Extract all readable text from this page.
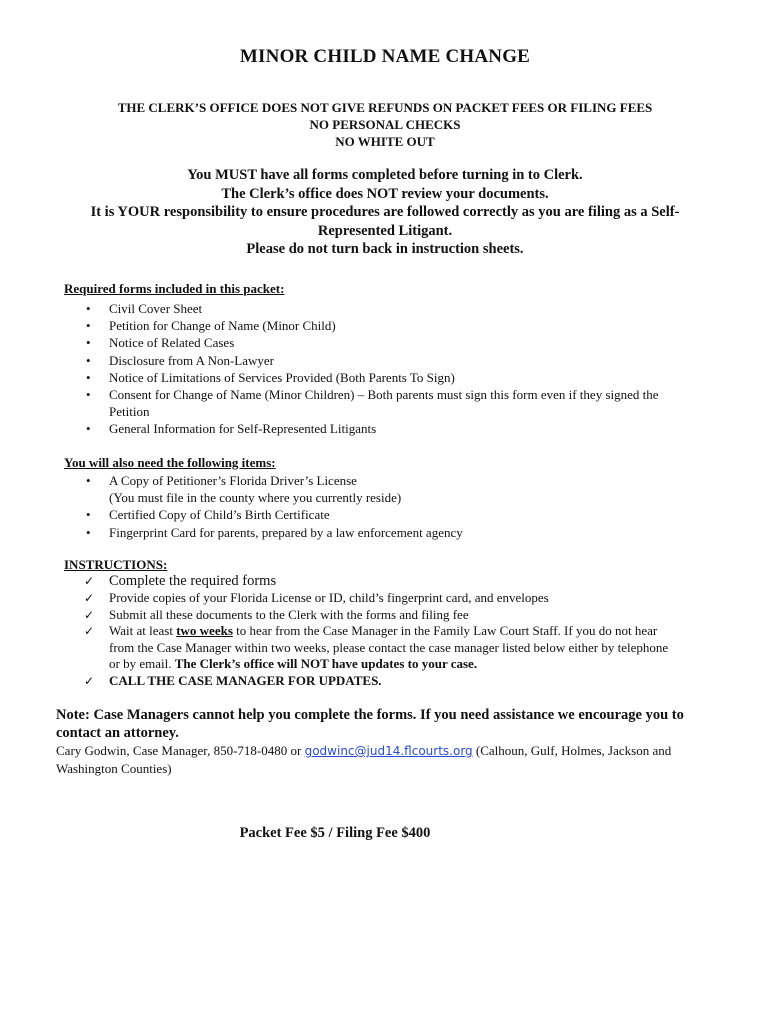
MINOR CHILD NAME CHANGE
THE CLERK’S OFFICE DOES NOT GIVE REFUNDS ON PACKET FEES OR FILING FEES
NO PERSONAL CHECKS
NO WHITE OUT
You MUST have all forms completed before turning in to Clerk.
The Clerk’s office does NOT review your documents.
It is YOUR responsibility to ensure procedures are followed correctly as you are filing as a Self-
Represented Litigant.
Please do not turn back in instruction sheets.
Required forms included in this packet:
• Civil Cover Sheet
• Petition for Change of Name (Minor Child)
• Notice of Related Cases
• Disclosure from A Non-Lawyer
• Notice of Limitations of Services Provided (Both Parents To Sign)
• Consent for Change of Name (Minor Children) – Both parents must sign this form even if they signed the
Petition
• General Information for Self-Represented Litigants
You will also need the following items:
• A Copy of Petitioner’s Florida Driver’s License
(You must file in the county where you currently reside)
• Certified Copy of Child’s Birth Certificate
• Fingerprint Card for parents, prepared by a law enforcement agency
INSTRUCTIONS:
✓ Complete the required forms
✓ Provide copies of your Florida License or ID, child’s fingerprint card, and envelopes
✓ Submit all these documents to the Clerk with the forms and filing fee
✓ Wait at least two weeks to hear from the Case Manager in the Family Law Court Staff. If you do not hear
from the Case Manager within two weeks, please contact the case manager listed below either by telephone
or by email. The Clerk’s office will NOT have updates to your case.
✓ CALL THE CASE MANAGER FOR UPDATES.
Note: Case Managers cannot help you complete the forms. If you need assistance we encourage you to
contact an attorney.
Cary Godwin, Case Manager, 850-718-0480 or godwinc@jud14.flcourts.org (Calhoun, Gulf, Holmes, Jackson and
Washington Counties)
Packet Fee $5 / Filing Fee $400
